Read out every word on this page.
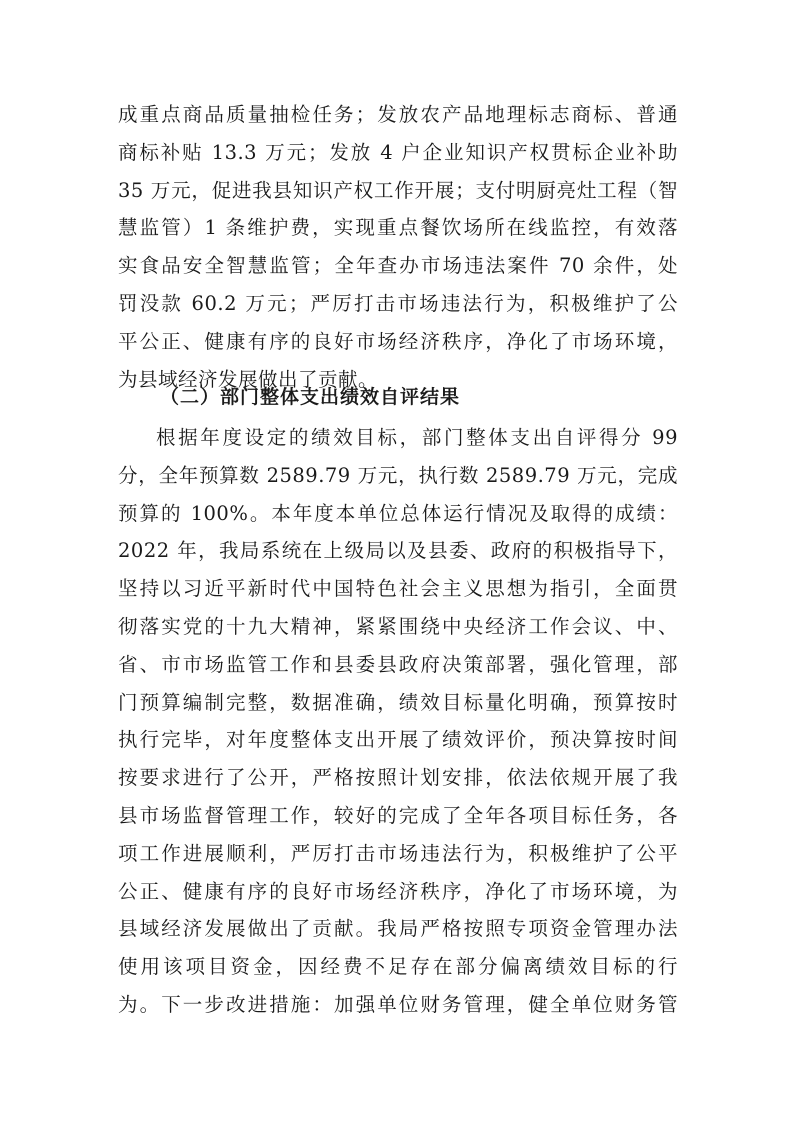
成重点商品质量抽检任务；发放农产品地理标志商标、普通
商标补贴 13.3 万元；发放 4 户企业知识产权贯标企业补助
35 万元，促进我县知识产权工作开展；支付明厨亮灶工程（智
慧监管）1 条维护费，实现重点餐饮场所在线监控，有效落
实食品安全智慧监管；全年查办市场违法案件 70 余件，处
罚没款 60.2 万元；严厉打击市场违法行为，积极维护了公
平公正、健康有序的良好市场经济秩序，净化了市场环境，
为县域经济发展做出了贡献。
（二）部门整体支出绩效自评结果
根据年度设定的绩效目标，部门整体支出自评得分 99
分，全年预算数 2589.79 万元，执行数 2589.79 万元，完成
预算的 100%。本年度本单位总体运行情况及取得的成绩：
2022 年，我局系统在上级局以及县委、政府的积极指导下，
坚持以习近平新时代中国特色社会主义思想为指引，全面贯
彻落实党的十九大精神，紧紧围绕中央经济工作会议、中、
省、市市场监管工作和县委县政府决策部署，强化管理，部
门预算编制完整，数据准确，绩效目标量化明确，预算按时
执行完毕，对年度整体支出开展了绩效评价，预决算按时间
按要求进行了公开，严格按照计划安排，依法依规开展了我
县市场监督管理工作，较好的完成了全年各项目标任务，各
项工作进展顺利，严厉打击市场违法行为，积极维护了公平
公正、健康有序的良好市场经济秩序，净化了市场环境，为
县域经济发展做出了贡献。我局严格按照专项资金管理办法
使用该项目资金，因经费不足存在部分偏离绩效目标的行
为。下一步改进措施：加强单位财务管理，健全单位财务管
